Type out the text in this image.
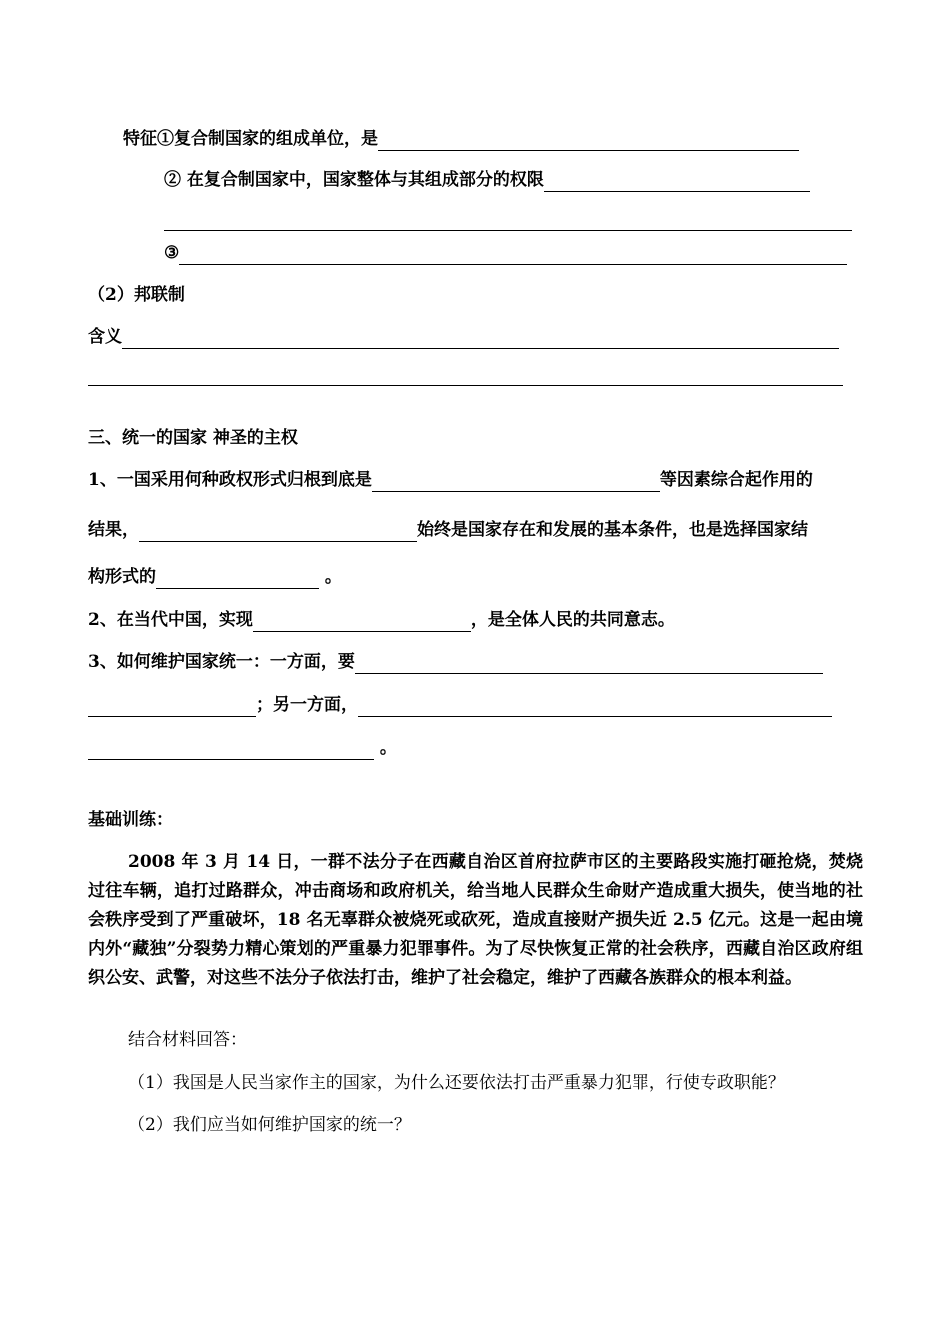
特征①复合制国家的组成单位，是
② 在复合制国家中，国家整体与其组成部分的权限
③
（2）邦联制
含义
三、统一的国家 神圣的主权
1、一国采用何种政权形式归根到底是	等因素综合起作用的
结果，	始终是国家存在和发展的基本条件，也是选择国家结
构形式的	。
2、在当代中国，实现	，是全体人民的共同意志。
3、如何维护国家统一：一方面，要
；另一方面，
。
基础训练：
2008 年 3 月 14 日，一群不法分子在西藏自治区首府拉萨市区的主要路段实施打砸抢烧，焚烧过往车辆，追打过路群众，冲击商场和政府机关，给当地人民群众生命财产造成重大损失，使当地的社会秩序受到了严重破坏，18 名无辜群众被烧死或砍死，造成直接财产损失近 2.5 亿元。这是一起由境内外“藏独”分裂势力精心策划的严重暴力犯罪事件。为了尽快恢复正常的社会秩序，西藏自治区政府组织公安、武警，对这些不法分子依法打击，维护了社会稳定，维护了西藏各族群众的根本利益。
结合材料回答：
（1）我国是人民当家作主的国家，为什么还要依法打击严重暴力犯罪，行使专政职能？
（2）我们应当如何维护国家的统一？
